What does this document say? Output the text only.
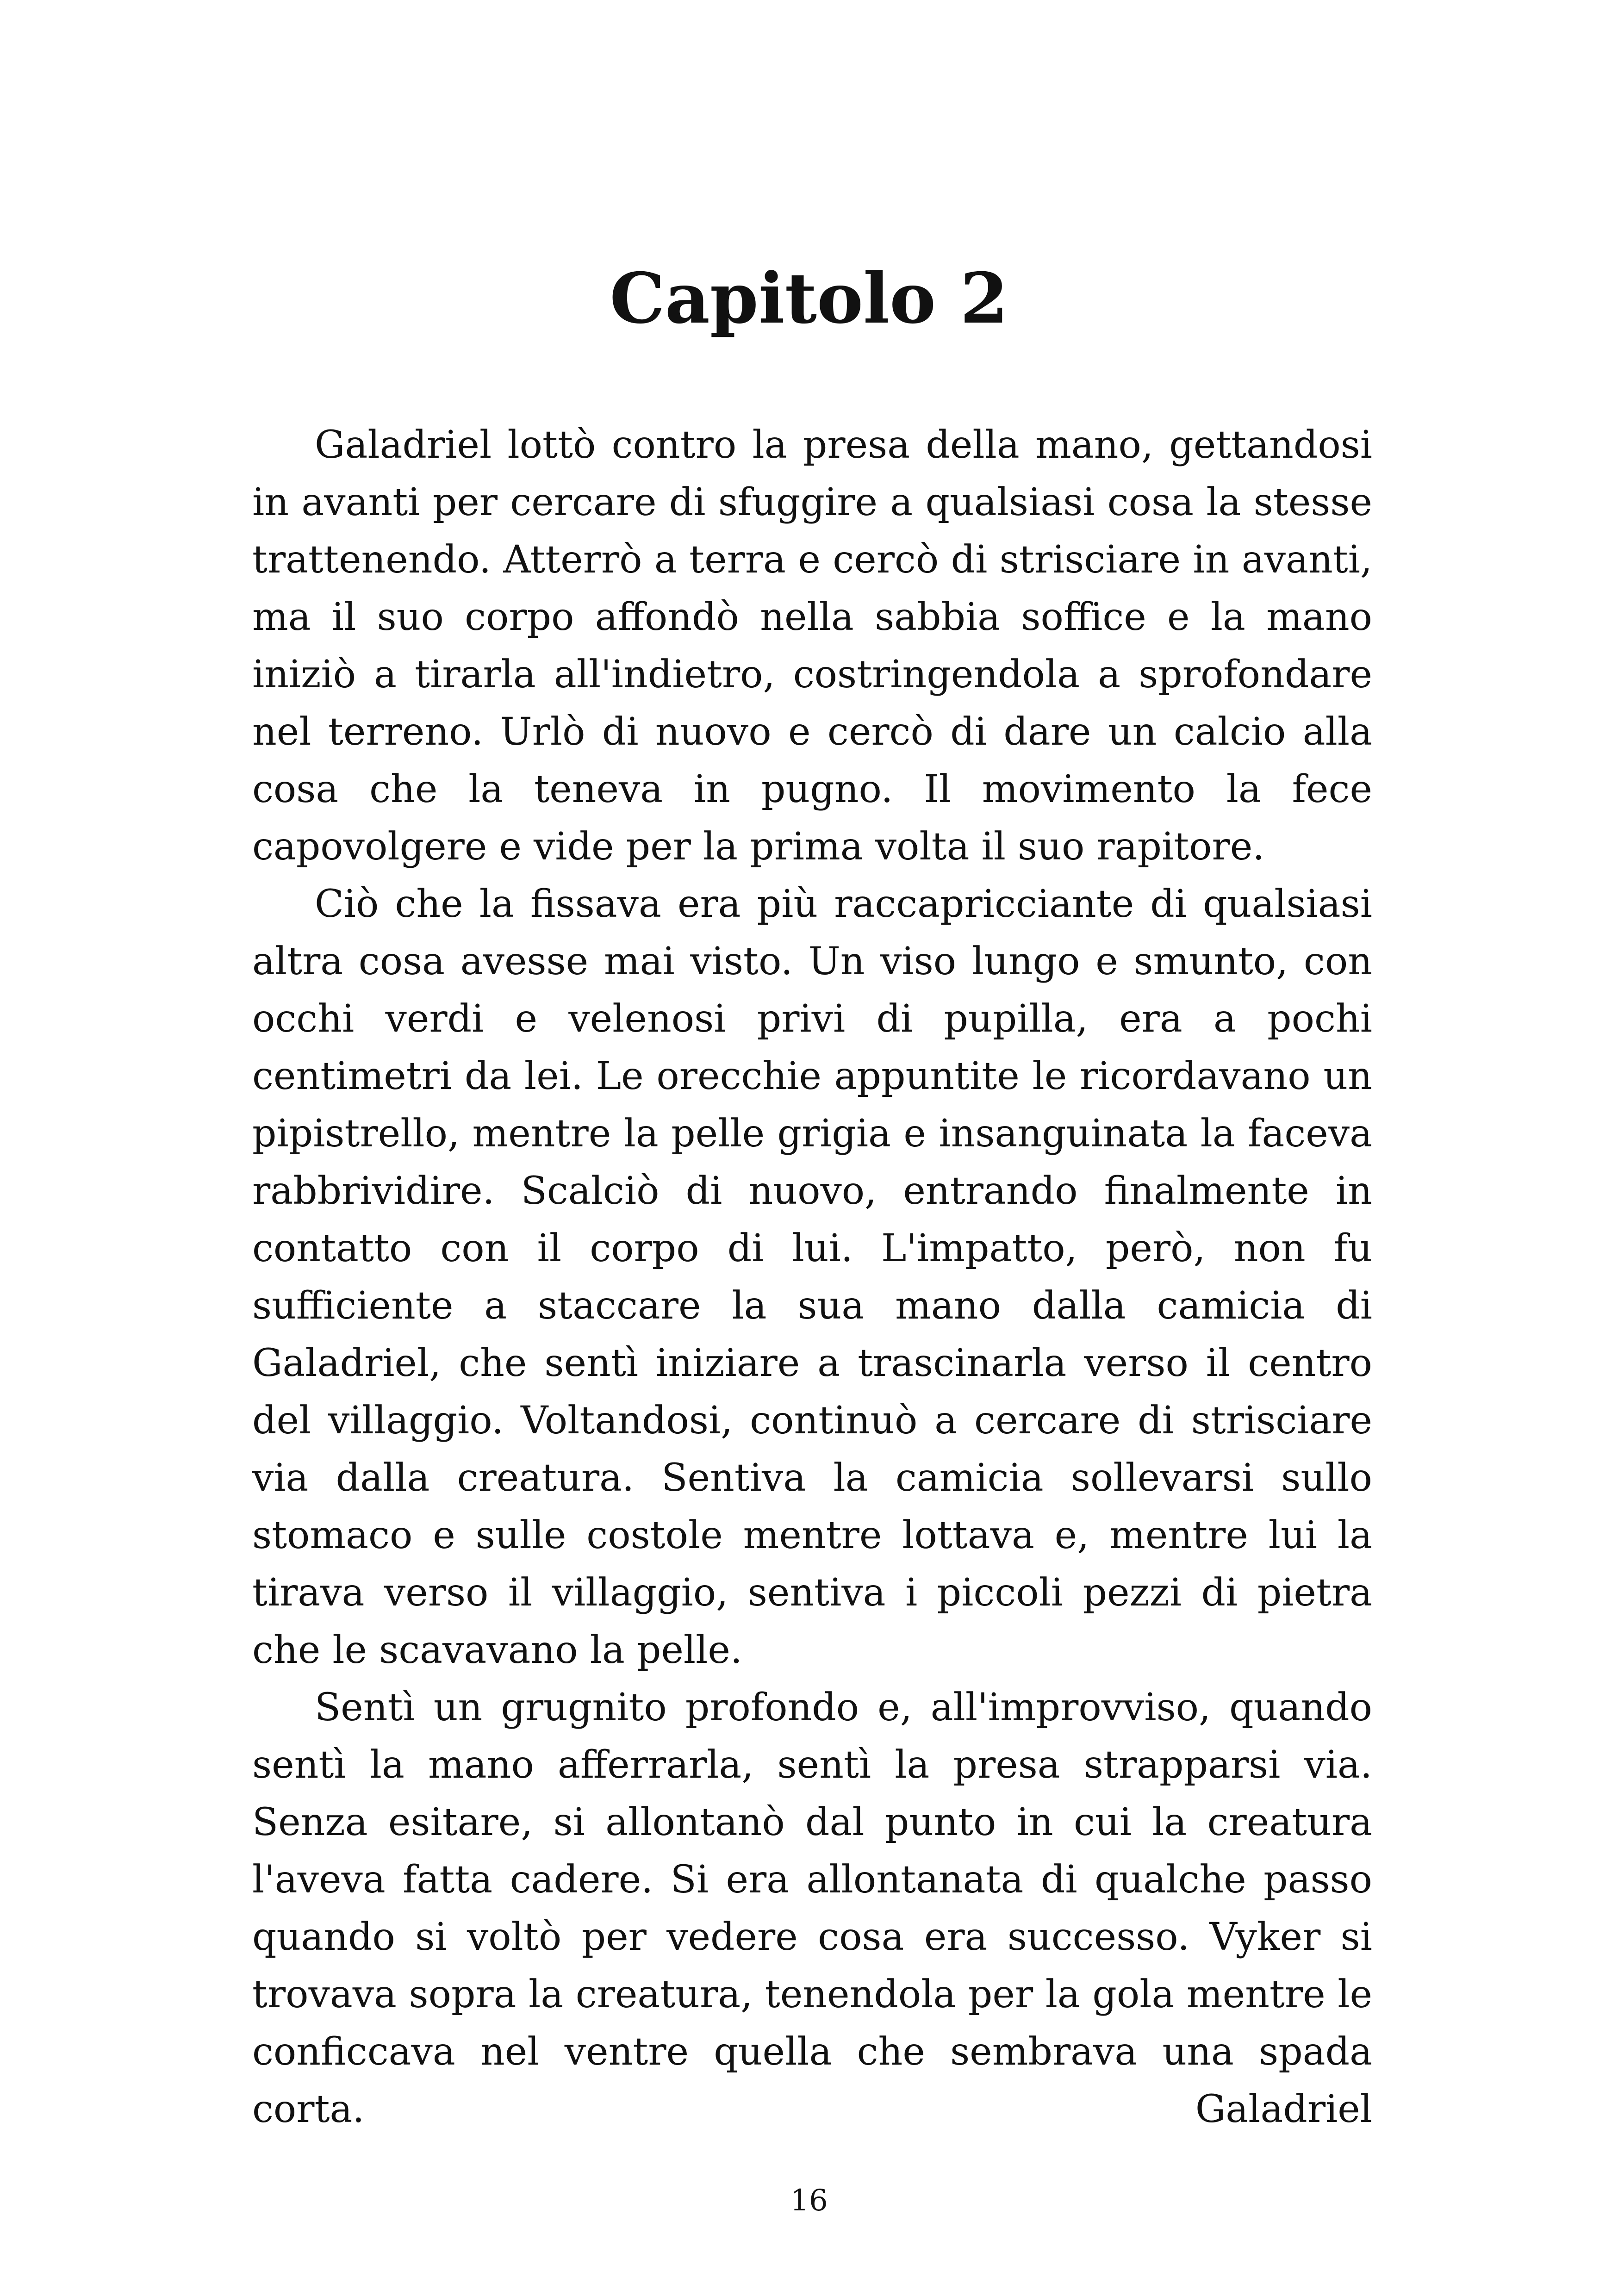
Capitolo 2

Galadriel lottò contro la presa della mano, gettandosi in avanti per cercare di sfuggire a qualsiasi cosa la stesse trattenendo. Atterrò a terra e cercò di strisciare in avanti, ma il suo corpo affondò nella sabbia soffice e la mano iniziò a tirarla all'indietro, costringendola a sprofondare nel terreno. Urlò di nuovo e cercò di dare un calcio alla cosa che la teneva in pugno. Il movimento la fece capovolgere e vide per la prima volta il suo rapitore.

Ciò che la fissava era più raccapricciante di qualsiasi altra cosa avesse mai visto. Un viso lungo e smunto, con occhi verdi e velenosi privi di pupilla, era a pochi centimetri da lei. Le orecchie appuntite le ricordavano un pipistrello, mentre la pelle grigia e insanguinata la faceva rabbrividire. Scalciò di nuovo, entrando finalmente in contatto con il corpo di lui. L'impatto, però, non fu sufficiente a staccare la sua mano dalla camicia di Galadriel, che sentì iniziare a trascinarla verso il centro del villaggio. Voltandosi, continuò a cercare di strisciare via dalla creatura. Sentiva la camicia sollevarsi sullo stomaco e sulle costole mentre lottava e, mentre lui la tirava verso il villaggio, sentiva i piccoli pezzi di pietra che le scavavano la pelle.

Sentì un grugnito profondo e, all'improvviso, quando sentì la mano afferrarla, sentì la presa strapparsi via. Senza esitare, si allontanò dal punto in cui la creatura l'aveva fatta cadere. Si era allontanata di qualche passo quando si voltò per vedere cosa era successo. Vyker si trovava sopra la creatura, tenendola per la gola mentre le conficcava nel ventre quella che sembrava una spada corta. Galadriel

16
